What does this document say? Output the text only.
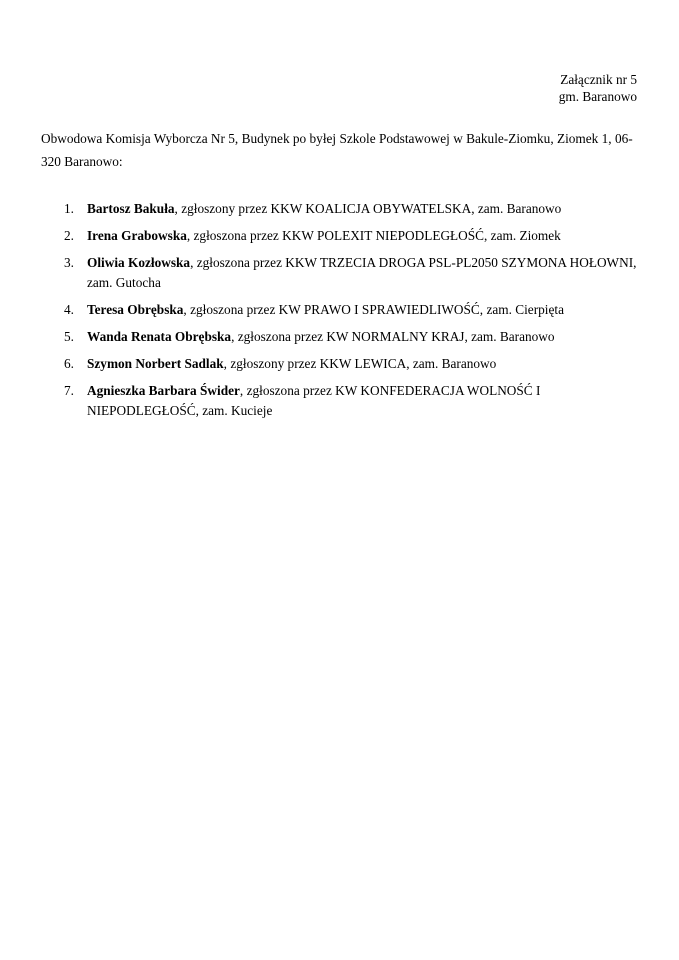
Załącznik nr 5
gm. Baranowo
Obwodowa Komisja Wyborcza Nr 5, Budynek po byłej Szkole Podstawowej w Bakule-Ziomku, Ziomek 1, 06-320 Baranowo:
1. Bartosz Bakuła, zgłoszony przez KKW KOALICJA OBYWATELSKA, zam. Baranowo
2. Irena Grabowska, zgłoszona przez KKW POLEXIT NIEPODLEGŁOŚĆ, zam. Ziomek
3. Oliwia Kozłowska, zgłoszona przez KKW TRZECIA DROGA PSL-PL2050 SZYMONA HOŁOWNI, zam. Gutocha
4. Teresa Obrębska, zgłoszona przez KW PRAWO I SPRAWIEDLIWOŚĆ, zam. Cierpięta
5. Wanda Renata Obrębska, zgłoszona przez KW NORMALNY KRAJ, zam. Baranowo
6. Szymon Norbert Sadlak, zgłoszony przez KKW LEWICA, zam. Baranowo
7. Agnieszka Barbara Świder, zgłoszona przez KW KONFEDERACJA WOLNOŚĆ I NIEPODLEGŁOŚĆ, zam. Kucieje
